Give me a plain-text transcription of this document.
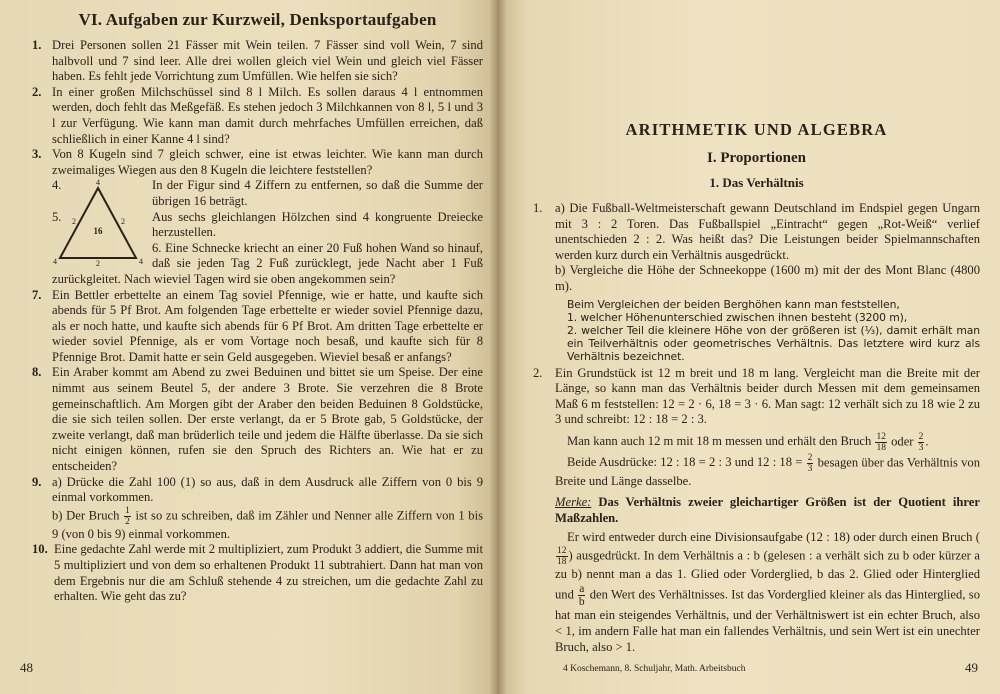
VI. Aufgaben zur Kurzweil, Denksportaufgaben

1. Drei Personen sollen 21 Fässer mit Wein teilen. 7 Fässer sind voll Wein, 7 sind halbvoll und 7 sind leer. Alle drei wollen gleich viel Wein und gleich viel Fässer haben. Es fehlt jede Vorrichtung zum Umfüllen. Wie helfen sie sich?

2. In einer großen Milchschüssel sind 8 l Milch. Es sollen daraus 4 l entnommen werden, doch fehlt das Meßgefäß. Es stehen jedoch 3 Milchkannen von 8 l, 5 l und 3 l zur Verfügung. Wie kann man damit durch mehrfaches Umfüllen erreichen, daß schließlich in einer Kanne 4 l sind?

3. Von 8 Kugeln sind 7 gleich schwer, eine ist etwas leichter. Wie kann man durch zweimaliges Wiegen aus den 8 Kugeln die leichtere feststellen?

4
2	2
16
4	2	4
4.	In der Figur sind 4 Ziffern zu entfernen, so daß die Summe der übrigen 16 beträgt.
5.	Aus sechs gleichlangen Hölzchen sind 4 kongruente Dreiecke herzustellen.
6. Eine Schnecke kriecht an einer 20 Fuß hohen Wand so hinauf, daß sie jeden Tag 2 Fuß zurücklegt, jede Nacht aber 1 Fuß zurückgleitet. Nach wieviel Tagen wird sie oben angekommen sein?

7. Ein Bettler erbettelte an einem Tag soviel Pfennige, wie er hatte, und kaufte sich abends für 5 Pf Brot. Am folgenden Tage erbettelte er wieder soviel Pfennige dazu, als er noch hatte, und kaufte sich abends für 6 Pf Brot. Am dritten Tage erbettelte er wieder soviel Pfennige, als er vom Vortage noch besaß, und kaufte sich für 8 Pfennige Brot. Damit hatte er sein Geld ausgegeben. Wieviel besaß er anfangs?

8. Ein Araber kommt am Abend zu zwei Beduinen und bittet sie um Speise. Der eine nimmt aus seinem Beutel 5, der andere 3 Brote. Sie verzehren die 8 Brote gemeinschaftlich. Am Morgen gibt der Araber den beiden Beduinen 8 Goldstücke, die sie sich teilen sollen. Der erste verlangt, da er 5 Brote gab, 5 Goldstücke, der zweite verlangt, daß man brüderlich teile und jedem die Hälfte überlasse. Da sie sich nicht einigen können, rufen sie den Spruch des Richters an. Wie hat er zu entscheiden?

9. a) Drücke die Zahl 100 (1) so aus, daß in dem Ausdruck alle Ziffern von 0 bis 9 einmal vorkommen.
b) Der Bruch $\frac{1}{2}$ ist so zu schreiben, daß im Zähler und Nenner alle Ziffern von 1 bis 9 (von 0 bis 9) einmal vorkommen.

10. Eine gedachte Zahl werde mit 2 multipliziert, zum Produkt 3 addiert, die Summe mit 5 multipliziert und von dem so erhaltenen Produkt 11 subtrahiert. Dann hat man von dem Ergebnis nur die am Schluß stehende 4 zu streichen, um die gedachte Zahl zu erhalten. Wie geht das zu?

48
ARITHMETIK UND ALGEBRA
I. Proportionen
1. Das Verhältnis

1. a) Die Fußball-Weltmeisterschaft gewann Deutschland im Endspiel gegen Ungarn mit 3 : 2 Toren. Das Fußballspiel „Eintracht“ gegen „Rot-Weiß“ verlief unentschieden 2 : 2. Was heißt das? Die Leistungen beider Spielmannschaften werden kurz durch ein Verhältnis ausgedrückt.

b) Vergleiche die Höhe der Schneekoppe (1600 m) mit der des Mont Blanc (4800 m).

Beim Vergleichen der beiden Berghöhen kann man feststellen,
1. welcher Höhenunterschied zwischen ihnen besteht (3200 m),
2. welcher Teil die kleinere Höhe von der größeren ist (⅓), damit erhält man ein Teilverhältnis oder geometrisches Verhältnis. Das letztere wird kurz als Verhältnis bezeichnet.

2. Ein Grundstück ist 12 m breit und 18 m lang. Vergleicht man die Breite mit der Länge, so kann man das Verhältnis beider durch Messen mit dem gemeinsamen Maß 6 m feststellen: 12 = 2 · 6, 18 = 3 · 6. Man sagt: 12 verhält sich zu 18 wie 2 zu 3 und schreibt: 12 : 18 = 2 : 3.

Man kann auch 12 m mit 18 m messen und erhält den Bruch $\frac{12}{18}$ oder $\frac{2}{3}$ .
Beide Ausdrücke: 12 : 18 = 2 : 3 und 12 : $18 = \frac{2}{3}$ besagen über das Verhältnis von Breite und Länge dasselbe.

Merke: Das Verhältnis zweier gleichartiger Größen ist der Quotient ihrer Maßzahlen.

Er wird entweder durch eine Divisionsaufgabe (12 : 18) oder durch einen Bruch (
$\frac{12}{18}$ ) ausgedrückt. In dem Verhältnis a : b (gelesen : a verhält sich zu b oder kürzer a zu b) nennt man a das 1. Glied oder Vorderglied, b das 2. Glied oder Hinterglied und $\frac{a}{b}$ den Wert des Verhältnisses. Ist das Vorderglied kleiner als das Hinterglied, so hat man ein steigendes Verhältnis, und der Verhältniswert ist ein echter Bruch, also < 1, im andern Falle hat man ein fallendes Verhältnis, und sein Wert ist ein unechter Bruch, also > 1.

4 Koschemann, 8. Schuljahr, Math. Arbeitsbuch	49
